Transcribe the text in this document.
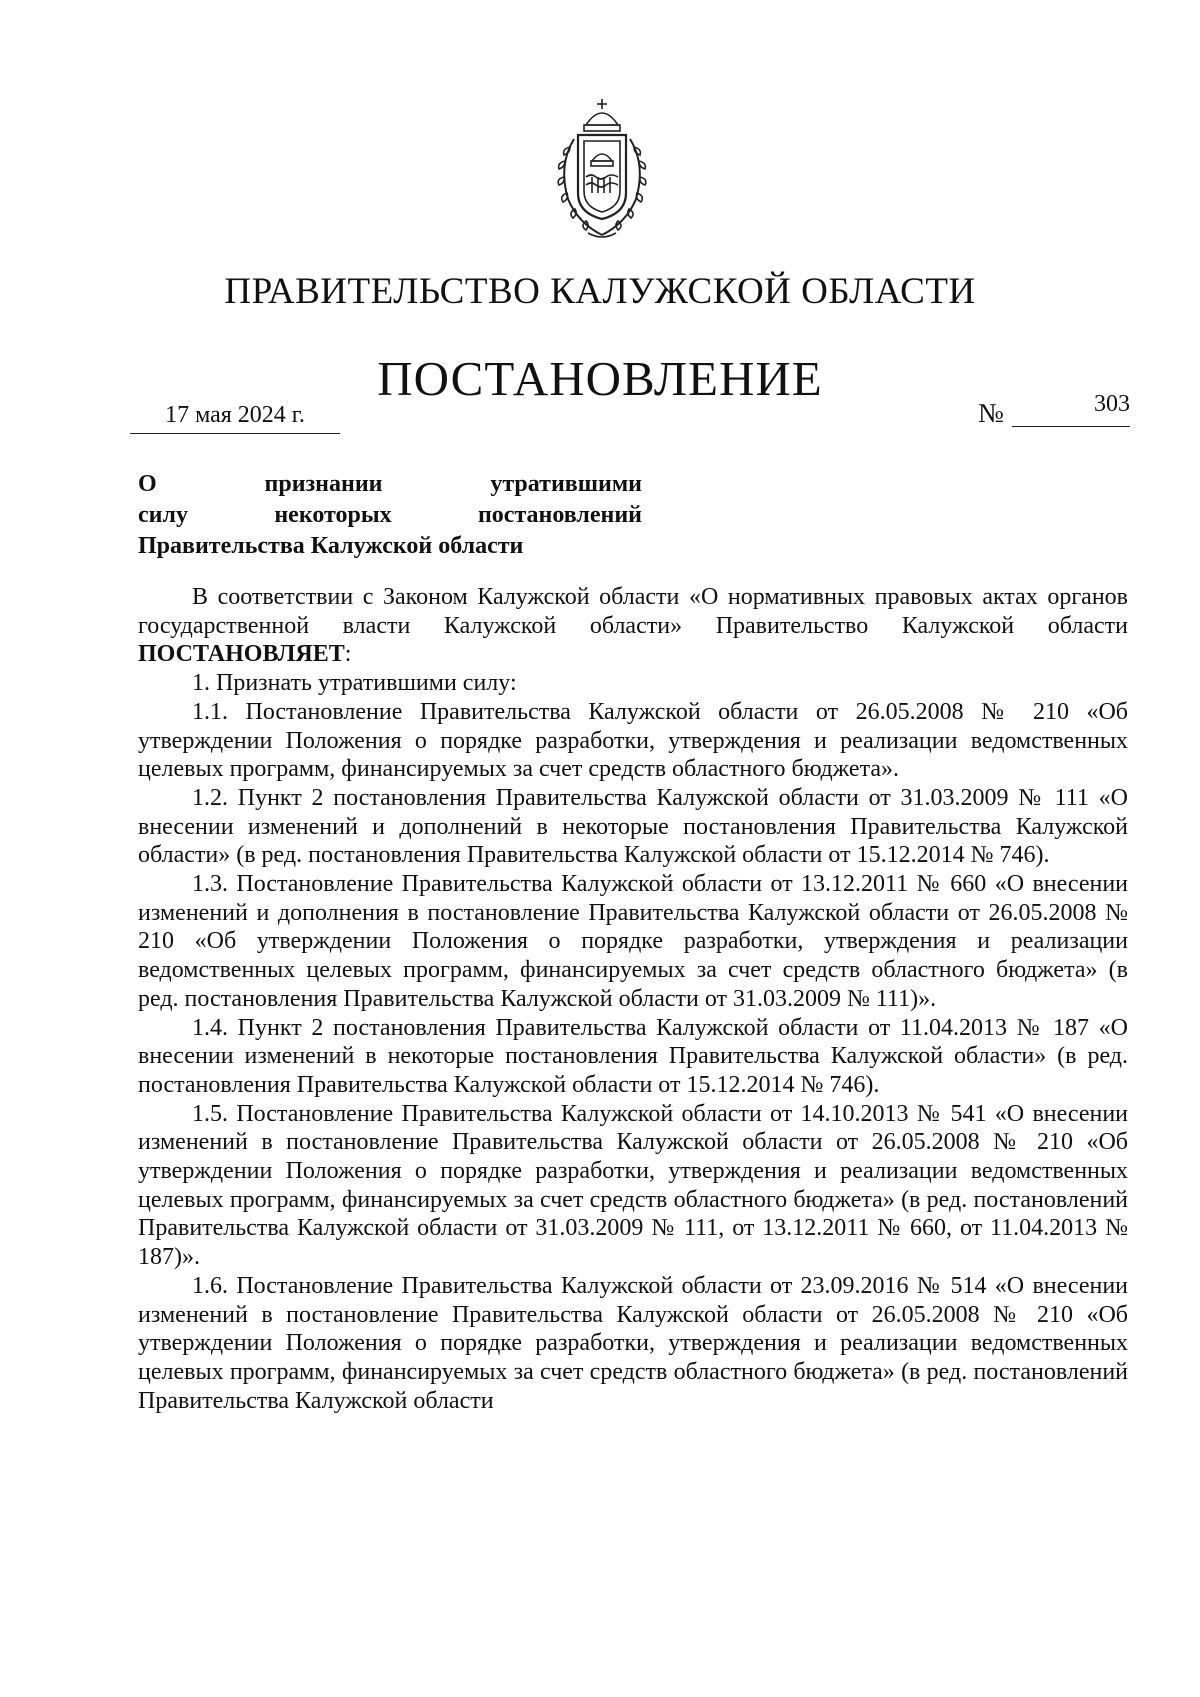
ПРАВИТЕЛЬСТВО КАЛУЖСКОЙ ОБЛАСТИ
ПОСТАНОВЛЕНИЕ
17 мая 2024 г.	№	303
О признании утратившими
силу некоторых постановлений
Правительства Калужской области

В соответствии с Законом Калужской области «О нормативных правовых актах органов государственной власти Калужской области» Правительство Калужской области ПОСТАНОВЛЯЕТ:

1. Признать утратившими силу:

1.1. Постановление Правительства Калужской области от 26.05.2008 № 210 «Об утверждении Положения о порядке разработки, утверждения и реализации ведомственных целевых программ, финансируемых за счет средств областного бюджета».

1.2. Пункт 2 постановления Правительства Калужской области от 31.03.2009 № 111 «О внесении изменений и дополнений в некоторые постановления Правительства Калужской области» (в ред. постановления Правительства Калужской области от 15.12.2014 № 746).

1.3. Постановление Правительства Калужской области от 13.12.2011 № 660 «О внесении изменений и дополнения в постановление Правительства Калужской области от 26.05.2008 № 210 «Об утверждении Положения о порядке разработки, утверждения и реализации ведомственных целевых программ, финансируемых за счет средств областного бюджета» (в ред. постановления Правительства Калужской области от 31.03.2009 № 111)».

1.4. Пункт 2 постановления Правительства Калужской области от 11.04.2013 № 187 «О внесении изменений в некоторые постановления Правительства Калужской области» (в ред. постановления Правительства Калужской области от 15.12.2014 № 746).

1.5. Постановление Правительства Калужской области от 14.10.2013 № 541 «О внесении изменений в постановление Правительства Калужской области от 26.05.2008 № 210 «Об утверждении Положения о порядке разработки, утверждения и реализации ведомственных целевых программ, финансируемых за счет средств областного бюджета» (в ред. постановлений Правительства Калужской области от 31.03.2009 № 111, от 13.12.2011 № 660, от 11.04.2013 № 187)».

1.6. Постановление Правительства Калужской области от 23.09.2016 № 514 «О внесении изменений в постановление Правительства Калужской области от 26.05.2008 № 210 «Об утверждении Положения о порядке разработки, утверждения и реализации ведомственных целевых программ, финансируемых за счет средств областного бюджета» (в ред. постановлений Правительства Калужской области
